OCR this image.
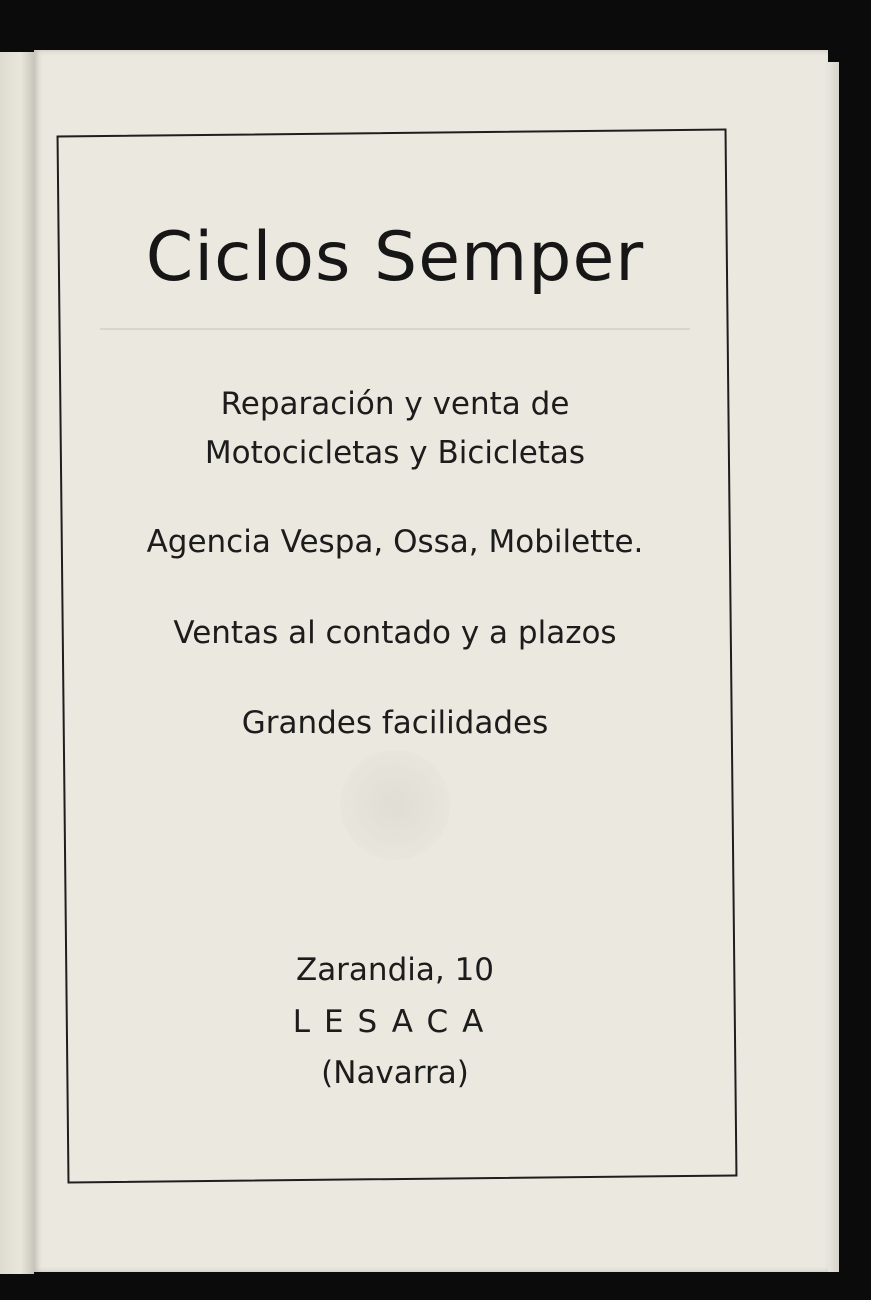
Ciclos Semper
Reparación y venta de
Motocicletas y Bicicletas
Agencia Vespa, Ossa, Mobilette.
Ventas al contado y a plazos
Grandes facilidades
Zarandia, 10
LESACA
(Navarra)
